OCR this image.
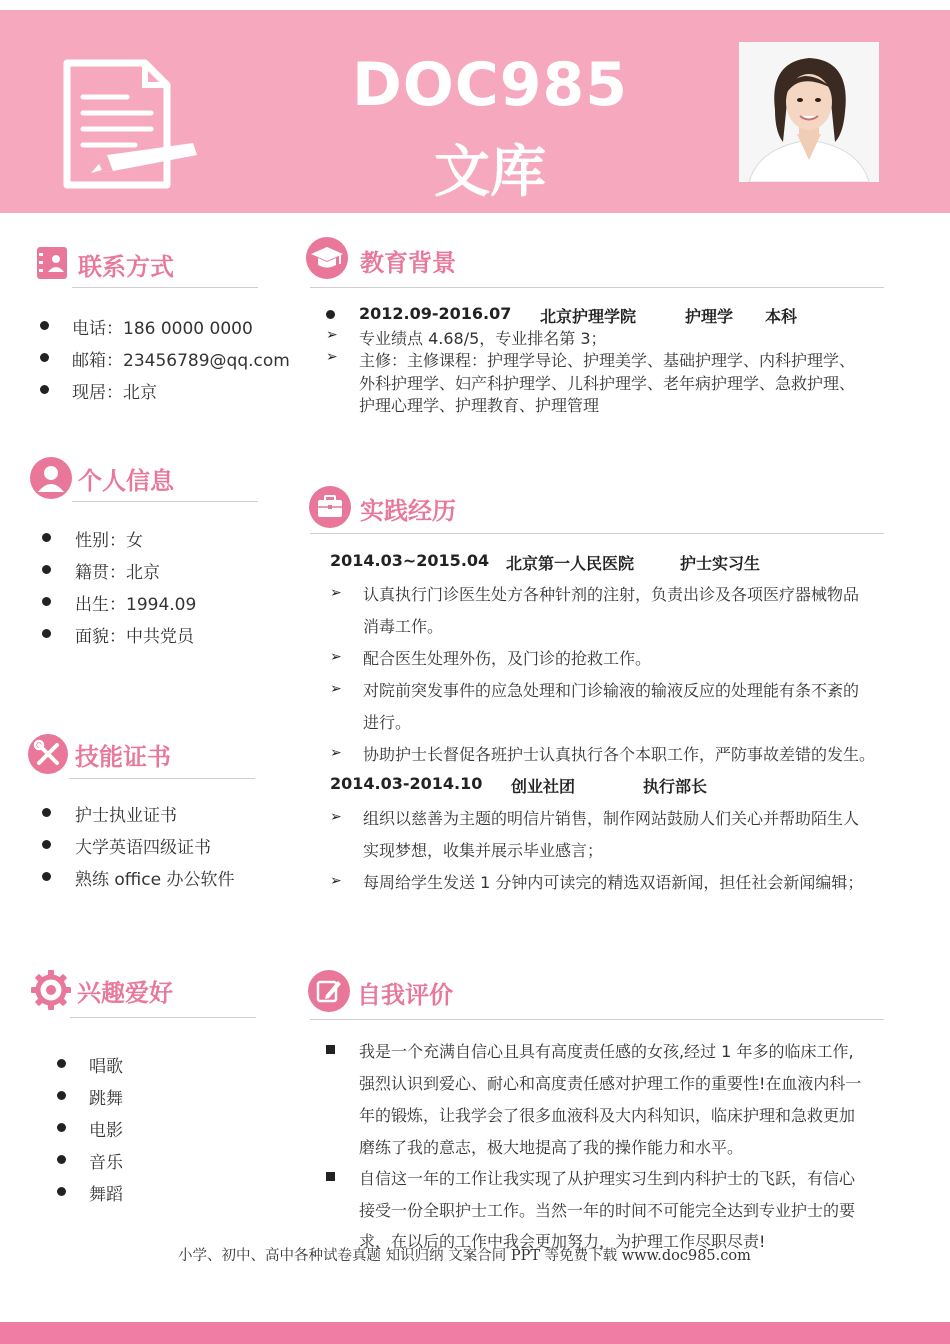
DOC985
文库
联系方式
电话：186 0000 0000
邮箱：23456789@qq.com
现居：北京
个人信息
性别：女
籍贯：北京
出生：1994.09
面貌：中共党员
技能证书
护士执业证书
大学英语四级证书
熟练 office 办公软件
兴趣爱好
唱歌
跳舞
电影
音乐
舞蹈
教育背景
2012.09-2016.07 北京护理学院	护理学 本科
➢ 专业绩点 4.68/5，专业排名第 3；
➢ 主修：主修课程：护理学导论、护理美学、基础护理学、内科护理学、
外科护理学、妇产科护理学、儿科护理学、老年病护理学、急救护理、
护理心理学、护理教育、护理管理
实践经历
2014.03~2015.04 北京第一人民医院	护士实习生
➢ 认真执行门诊医生处方各种针剂的注射，负责出诊及各项医疗器械物品
消毒工作。
➢ 配合医生处理外伤，及门诊的抢救工作。
➢ 对院前突发事件的应急处理和门诊输液的输液反应的处理能有条不紊的
进行。
➢ 协助护士长督促各班护士认真执行各个本职工作，严防事故差错的发生。
2014.03-2014.10 创业社团	执行部长
➢ 组织以慈善为主题的明信片销售，制作网站鼓励人们关心并帮助陌生人
实现梦想，收集并展示毕业感言；
➢ 每周给学生发送 1 分钟内可读完的精选双语新闻，担任社会新闻编辑；
自我评价
我是一个充满自信心且具有高度责任感的女孩,经过 1 年多的临床工作,
强烈认识到爱心、耐心和高度责任感对护理工作的重要性!在血液内科一
年的锻炼，让我学会了很多血液科及大内科知识，临床护理和急救更加
磨练了我的意志，极大地提高了我的操作能力和水平。
自信这一年的工作让我实现了从护理实习生到内科护士的飞跃，有信心
接受一份全职护士工作。当然一年的时间不可能完全达到专业护士的要
求，在以后的工作中我会更加努力，为护理工作尽职尽责!
小学、初中、高中各种试卷真题 知识归纳 文案合同 PPT 等免费下载 www.doc985.com
